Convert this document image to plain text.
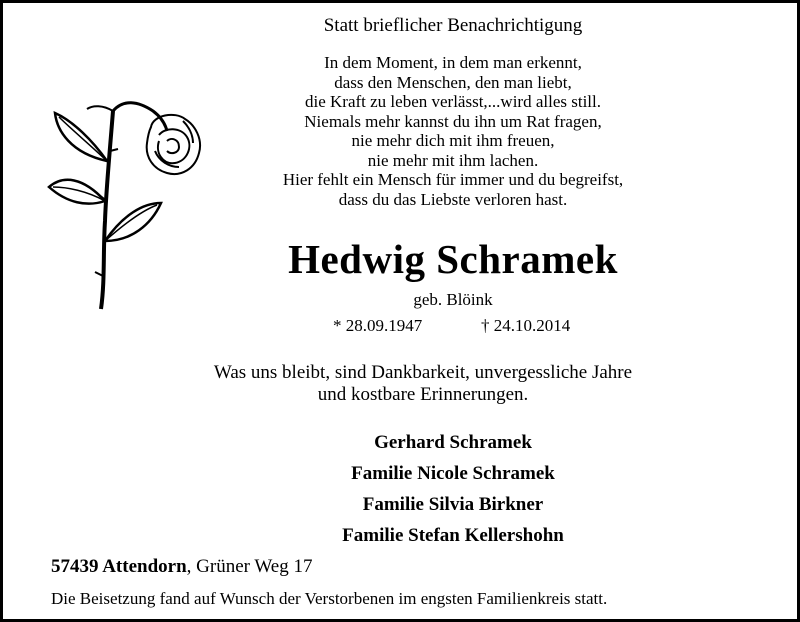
Statt brieflicher Benachrichtigung
In dem Moment, in dem man erkennt,
dass den Menschen, den man liebt,
die Kraft zu leben verlässt,...wird alles still.
Niemals mehr kannst du ihn um Rat fragen,
nie mehr dich mit ihm freuen,
nie mehr mit ihm lachen.
Hier fehlt ein Mensch für immer und du begreifst,
dass du das Liebste verloren hast.
Hedwig Schramek
geb. Blöink
* 28.09.1947	† 24.10.2014
Was uns bleibt, sind Dankbarkeit, unvergessliche Jahre
und kostbare Erinnerungen.
Gerhard Schramek
Familie Nicole Schramek
Familie Silvia Birkner
Familie Stefan Kellershohn
57439 Attendorn, Grüner Weg 17
Die Beisetzung fand auf Wunsch der Verstorbenen im engsten Familienkreis statt.
